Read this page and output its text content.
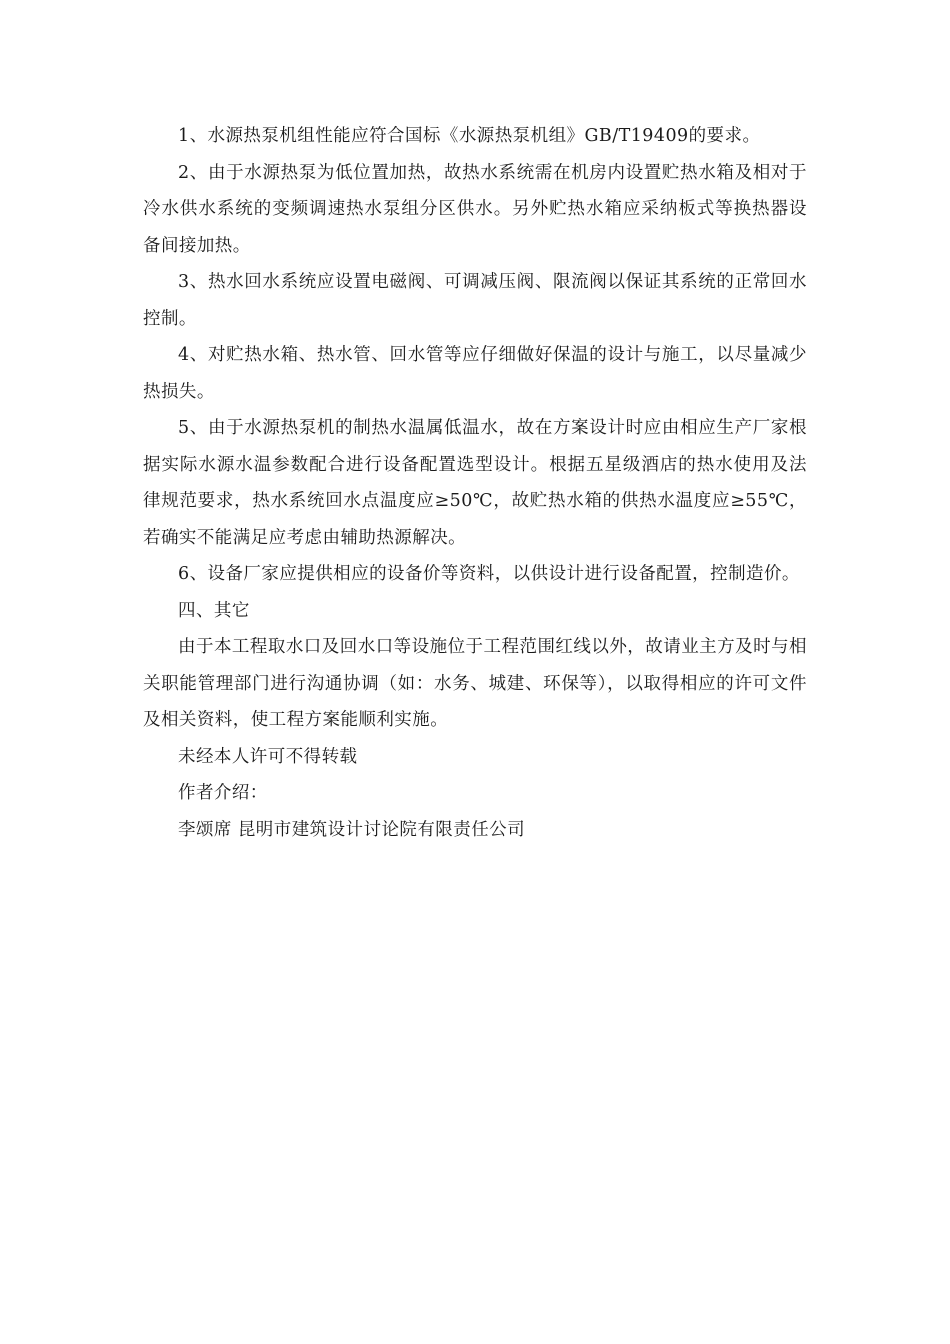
1、水源热泵机组性能应符合国标《水源热泵机组》GB/T19409的要求。

2、由于水源热泵为低位置加热，故热水系统需在机房内设置贮热水箱及相对于冷水供水系统的变频调速热水泵组分区供水。另外贮热水箱应采纳板式等换热器设备间接加热。

3、热水回水系统应设置电磁阀、可调减压阀、限流阀以保证其系统的正常回水控制。

4、对贮热水箱、热水管、回水管等应仔细做好保温的设计与施工，以尽量减少热损失。

5、由于水源热泵机的制热水温属低温水，故在方案设计时应由相应生产厂家根据实际水源水温参数配合进行设备配置选型设计。根据五星级酒店的热水使用及法律规范要求，热水系统回水点温度应≥50℃，故贮热水箱的供热水温度应≥55℃，若确实不能满足应考虑由辅助热源解决。

6、设备厂家应提供相应的设备价等资料，以供设计进行设备配置，控制造价。

四、其它

由于本工程取水口及回水口等设施位于工程范围红线以外，故请业主方及时与相关职能管理部门进行沟通协调（如：水务、城建、环保等），以取得相应的许可文件及相关资料，使工程方案能顺利实施。

未经本人许可不得转载

作者介绍：

李颂席 昆明市建筑设计讨论院有限责任公司
